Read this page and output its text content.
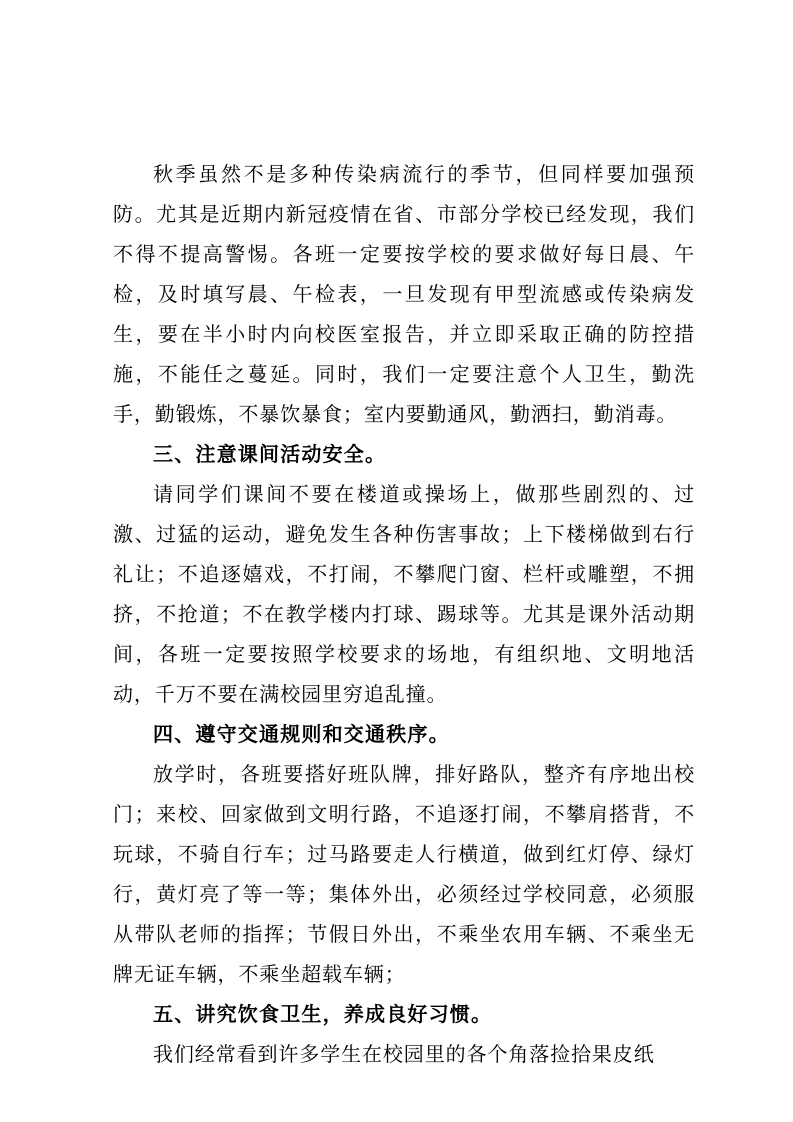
秋季虽然不是多种传染病流行的季节，但同样要加强预防。尤其是近期内新冠疫情在省、市部分学校已经发现，我们不得不提高警惕。各班一定要按学校的要求做好每日晨、午检，及时填写晨、午检表，一旦发现有甲型流感或传染病发生，要在半小时内向校医室报告，并立即采取正确的防控措施，不能任之蔓延。同时，我们一定要注意个人卫生，勤洗手，勤锻炼，不暴饮暴食；室内要勤通风，勤洒扫，勤消毒。

三、注意课间活动安全。

请同学们课间不要在楼道或操场上，做那些剧烈的、过激、过猛的运动，避免发生各种伤害事故；上下楼梯做到右行礼让；不追逐嬉戏，不打闹，不攀爬门窗、栏杆或雕塑，不拥挤，不抢道；不在教学楼内打球、踢球等。尤其是课外活动期间，各班一定要按照学校要求的场地，有组织地、文明地活动，千万不要在满校园里穷追乱撞。

四、遵守交通规则和交通秩序。

放学时，各班要搭好班队牌，排好路队，整齐有序地出校门；来校、回家做到文明行路，不追逐打闹，不攀肩搭背，不玩球，不骑自行车；过马路要走人行横道，做到红灯停、绿灯行，黄灯亮了等一等；集体外出，必须经过学校同意，必须服从带队老师的指挥；节假日外出，不乘坐农用车辆、不乘坐无牌无证车辆，不乘坐超载车辆；

五、讲究饮食卫生，养成良好习惯。

我们经常看到许多学生在校园里的各个角落捡拾果皮纸
